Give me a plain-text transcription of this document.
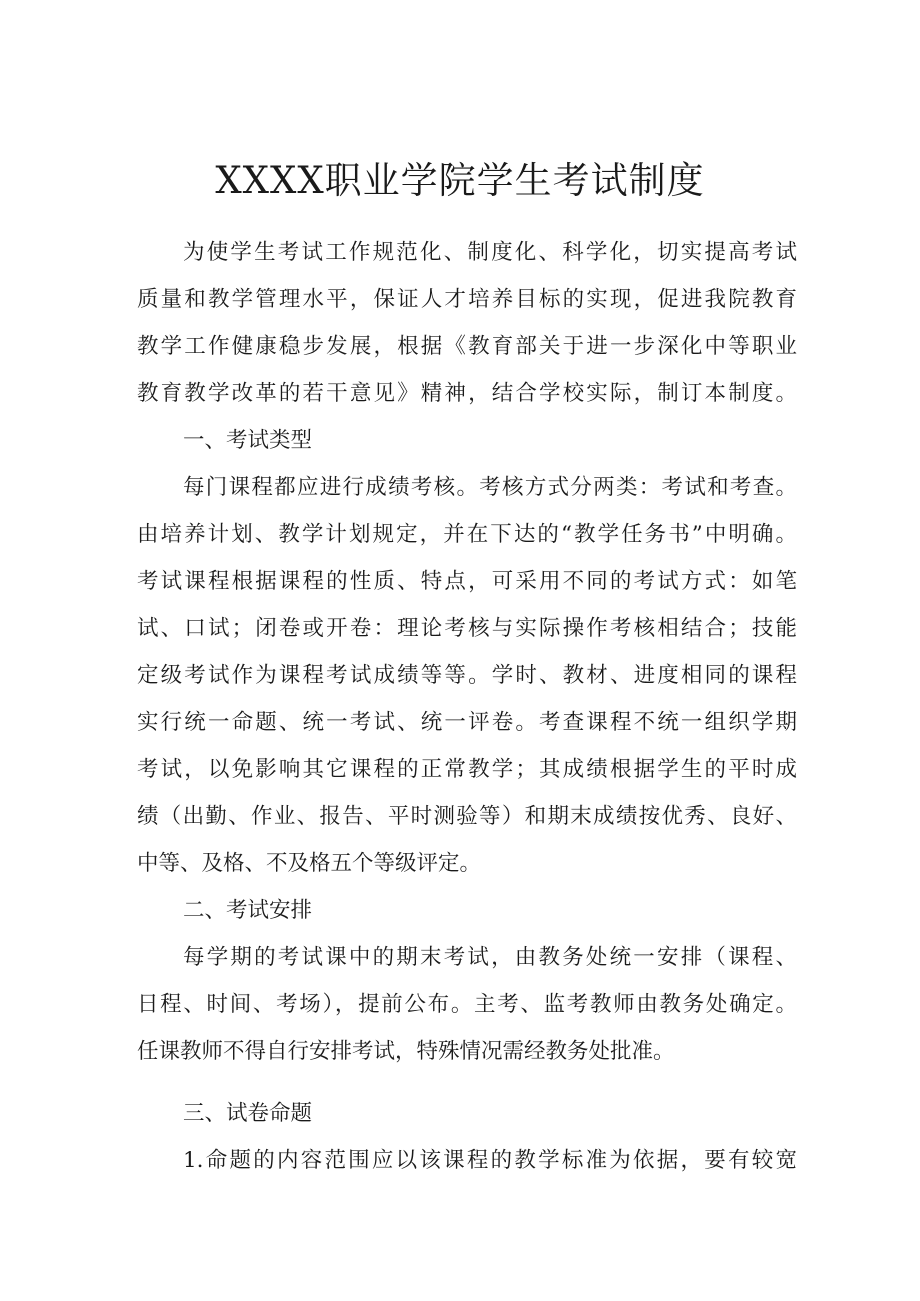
XXXX职业学院学生考试制度

为使学生考试工作规范化、制度化、科学化，切实提高考试

质量和教学管理水平，保证人才培养目标的实现，促进我院教育

教学工作健康稳步发展，根据《教育部关于进一步深化中等职业

教育教学改革的若干意见》精神，结合学校实际，制订本制度。

一、考试类型

每门课程都应进行成绩考核。考核方式分两类：考试和考查。

由培养计划、教学计划规定，并在下达的“教学任务书”中明确。

考试课程根据课程的性质、特点，可采用不同的考试方式：如笔

试、口试；闭卷或开卷：理论考核与实际操作考核相结合；技能

定级考试作为课程考试成绩等等。学时、教材、进度相同的课程

实行统一命题、统一考试、统一评卷。考查课程不统一组织学期

考试，以免影响其它课程的正常教学；其成绩根据学生的平时成

绩（出勤、作业、报告、平时测验等）和期末成绩按优秀、良好、

中等、及格、不及格五个等级评定。

二、考试安排

每学期的考试课中的期末考试，由教务处统一安排（课程、

日程、时间、考场），提前公布。主考、监考教师由教务处确定。

任课教师不得自行安排考试，特殊情况需经教务处批准。

三、试卷命题

1.命题的内容范围应以该课程的教学标准为依据，要有较宽
